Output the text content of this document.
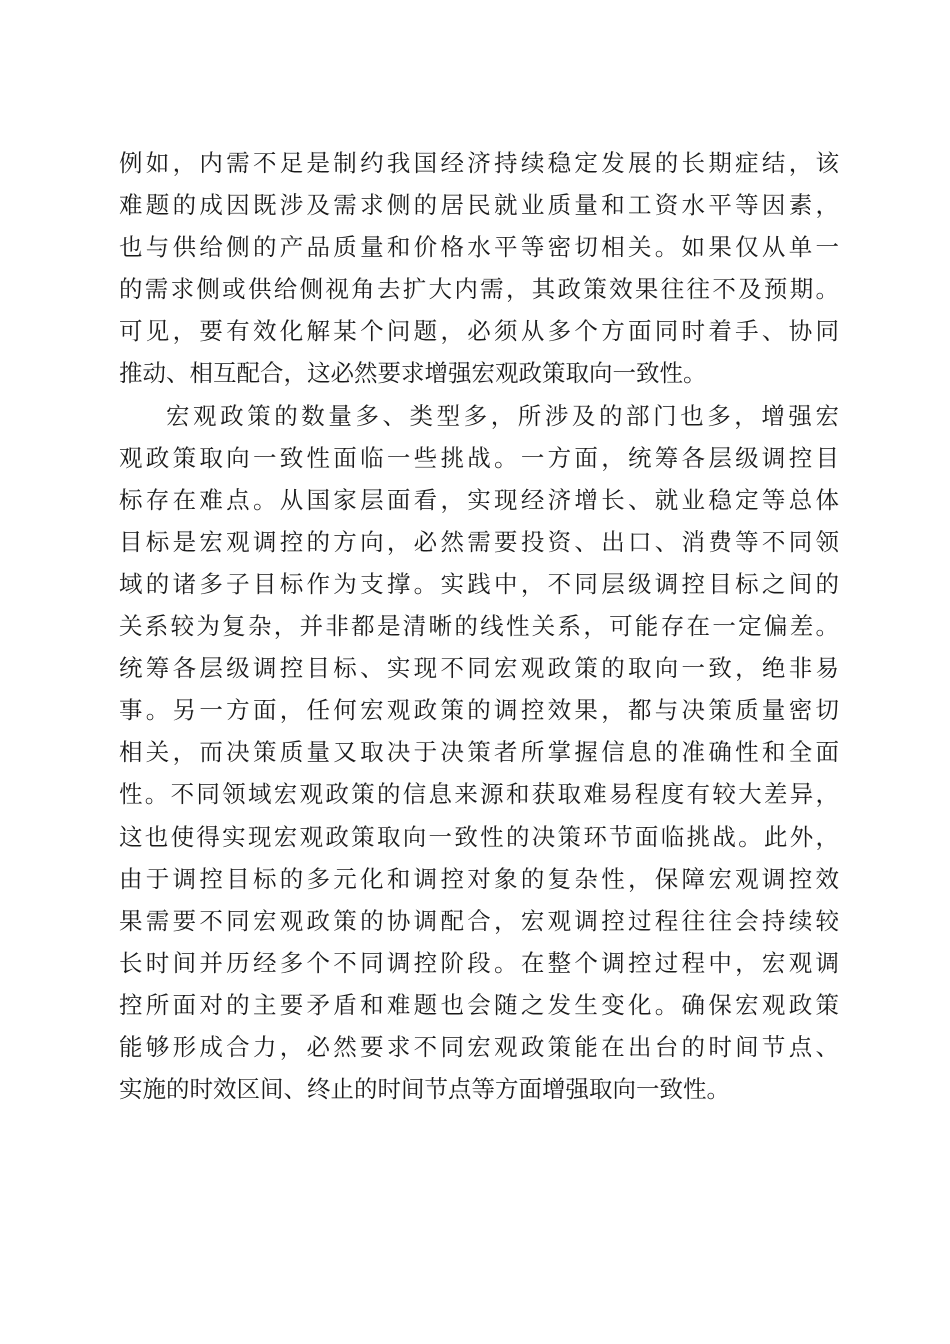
例如，内需不足是制约我国经济持续稳定发展的长期症结，该
难题的成因既涉及需求侧的居民就业质量和工资水平等因素，
也与供给侧的产品质量和价格水平等密切相关。如果仅从单一
的需求侧或供给侧视角去扩大内需，其政策效果往往不及预期。
可见，要有效化解某个问题，必须从多个方面同时着手、协同
推动、相互配合，这必然要求增强宏观政策取向一致性。
宏观政策的数量多、类型多，所涉及的部门也多，增强宏
观政策取向一致性面临一些挑战。一方面，统筹各层级调控目
标存在难点。从国家层面看，实现经济增长、就业稳定等总体
目标是宏观调控的方向，必然需要投资、出口、消费等不同领
域的诸多子目标作为支撑。实践中，不同层级调控目标之间的
关系较为复杂，并非都是清晰的线性关系，可能存在一定偏差。
统筹各层级调控目标、实现不同宏观政策的取向一致，绝非易
事。另一方面，任何宏观政策的调控效果，都与决策质量密切
相关，而决策质量又取决于决策者所掌握信息的准确性和全面
性。不同领域宏观政策的信息来源和获取难易程度有较大差异，
这也使得实现宏观政策取向一致性的决策环节面临挑战。此外，
由于调控目标的多元化和调控对象的复杂性，保障宏观调控效
果需要不同宏观政策的协调配合，宏观调控过程往往会持续较
长时间并历经多个不同调控阶段。在整个调控过程中，宏观调
控所面对的主要矛盾和难题也会随之发生变化。确保宏观政策
能够形成合力，必然要求不同宏观政策能在出台的时间节点、
实施的时效区间、终止的时间节点等方面增强取向一致性。
